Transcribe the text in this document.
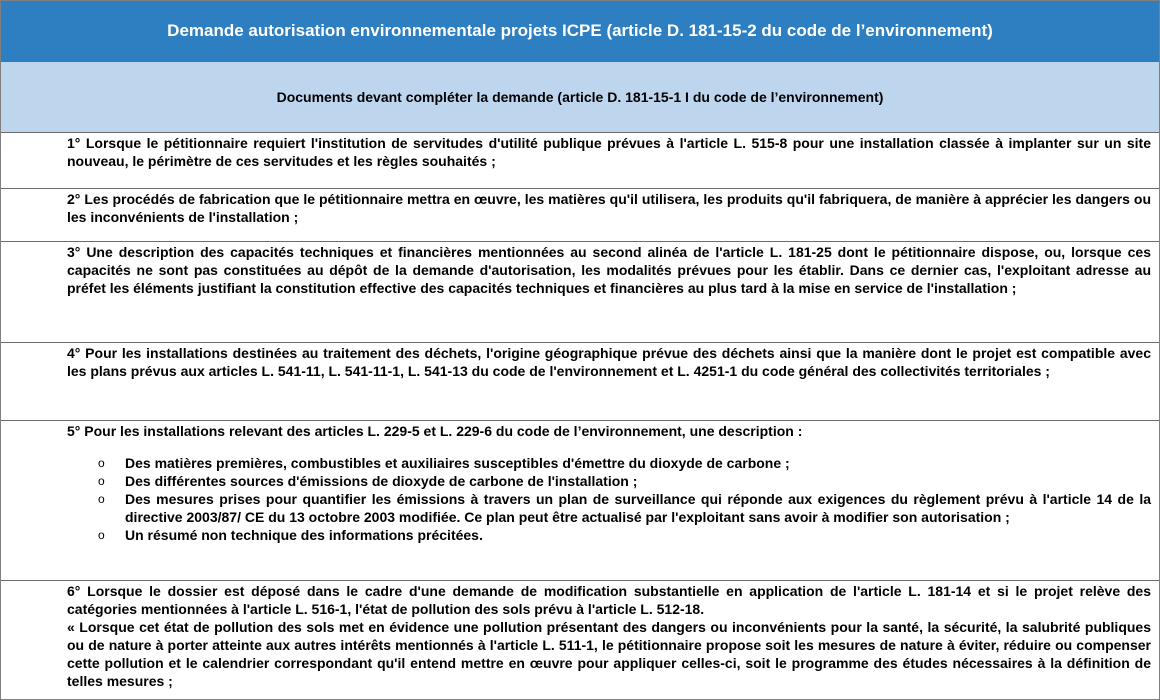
Demande autorisation environnementale projets ICPE (article D. 181-15-2 du code de l’environnement)
Documents devant compléter la demande (article D. 181-15-1 I du code de l’environnement)

1° Lorsque le pétitionnaire requiert l'institution de servitudes d'utilité publique prévues à l'article L. 515-8 pour une installation classée à implanter sur un site nouveau, le périmètre de ces servitudes et les règles souhaités ;

2° Les procédés de fabrication que le pétitionnaire mettra en œuvre, les matières qu'il utilisera, les produits qu'il fabriquera, de manière à apprécier les dangers ou les inconvénients de l'installation ;

3° Une description des capacités techniques et financières mentionnées au second alinéa de l'article L. 181-25 dont le pétitionnaire dispose, ou, lorsque ces capacités ne sont pas constituées au dépôt de la demande d'autorisation, les modalités prévues pour les établir. Dans ce dernier cas, l'exploitant adresse au préfet les éléments justifiant la constitution effective des capacités techniques et financières au plus tard à la mise en service de l'installation ;

4° Pour les installations destinées au traitement des déchets, l'origine géographique prévue des déchets ainsi que la manière dont le projet est compatible avec les plans prévus aux articles L. 541-11, L. 541-11-1, L. 541-13 du code de l'environnement et L. 4251-1 du code général des collectivités territoriales ;

5° Pour les installations relevant des articles L. 229-5 et L. 229-6 du code de l’environnement, une description :

o Des matières premières, combustibles et auxiliaires susceptibles d'émettre du dioxyde de carbone ;
o Des différentes sources d'émissions de dioxyde de carbone de l'installation ;
o Des mesures prises pour quantifier les émissions à travers un plan de surveillance qui réponde aux exigences du règlement prévu à l'article 14 de la directive 2003/87/ CE du 13 octobre 2003 modifiée. Ce plan peut être actualisé par l'exploitant sans avoir à modifier son autorisation ;
o Un résumé non technique des informations précitées.

6° Lorsque le dossier est déposé dans le cadre d'une demande de modification substantielle en application de l'article L. 181-14 et si le projet relève des catégories mentionnées à l'article L. 516-1, l'état de pollution des sols prévu à l'article L. 512-18.

« Lorsque cet état de pollution des sols met en évidence une pollution présentant des dangers ou inconvénients pour la santé, la sécurité, la salubrité publiques ou de nature à porter atteinte aux autres intérêts mentionnés à l'article L. 511-1, le pétitionnaire propose soit les mesures de nature à éviter, réduire ou compenser cette pollution et le calendrier correspondant qu'il entend mettre en œuvre pour appliquer celles-ci, soit le programme des études nécessaires à la définition de telles mesures ;
